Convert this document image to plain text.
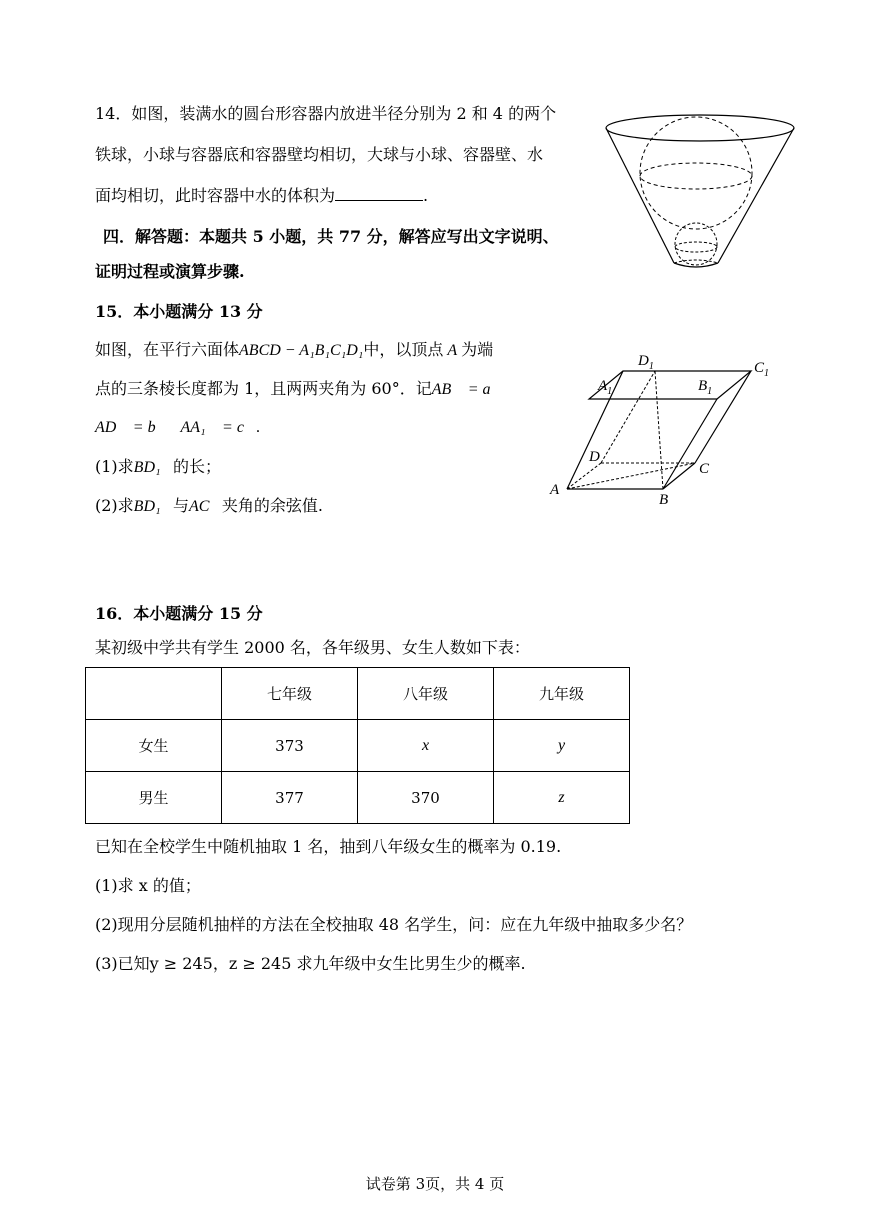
14．如图，装满水的圆台形容器内放进半径分别为 2 和 4 的两个
铁球，小球与容器底和容器壁均相切，大球与小球、容器壁、水
面均相切，此时容器中水的体积为	.
四．解答题：本题共 5 小题，共 77 分，解答应写出文字说明、
证明过程或演算步骤.
15．本小题满分 13 分
如图，在平行六面体ABCD − A₁B₁C₁D₁中，以顶点 A 为端
点的三条棱长度都为 1，且两两夹角为 60°．记AB⃗ = a⃗，
AD⃗ = b⃗，AA₁⃗ = c⃗.
(1)求BD₁⃗的长；
(2)求BD₁⃗与AC⃗夹角的余弦值.
A
B
C
D
$A_1$	$B_1$
$C_1$
$D_1$
16．本小题满分 15 分
某初级中学共有学生 2000 名，各年级男、女生人数如下表：
	七年级	八年级	九年级
女生	373	x	y
男生	377	370	z
已知在全校学生中随机抽取 1 名，抽到八年级女生的概率为 0.19.
(1)求 x 的值；
(2)现用分层随机抽样的方法在全校抽取 48 名学生，问：应在九年级中抽取多少名？
(3)已知y ≥ 245，z ≥ 245 求九年级中女生比男生少的概率.
试卷第 3页，共 4 页
